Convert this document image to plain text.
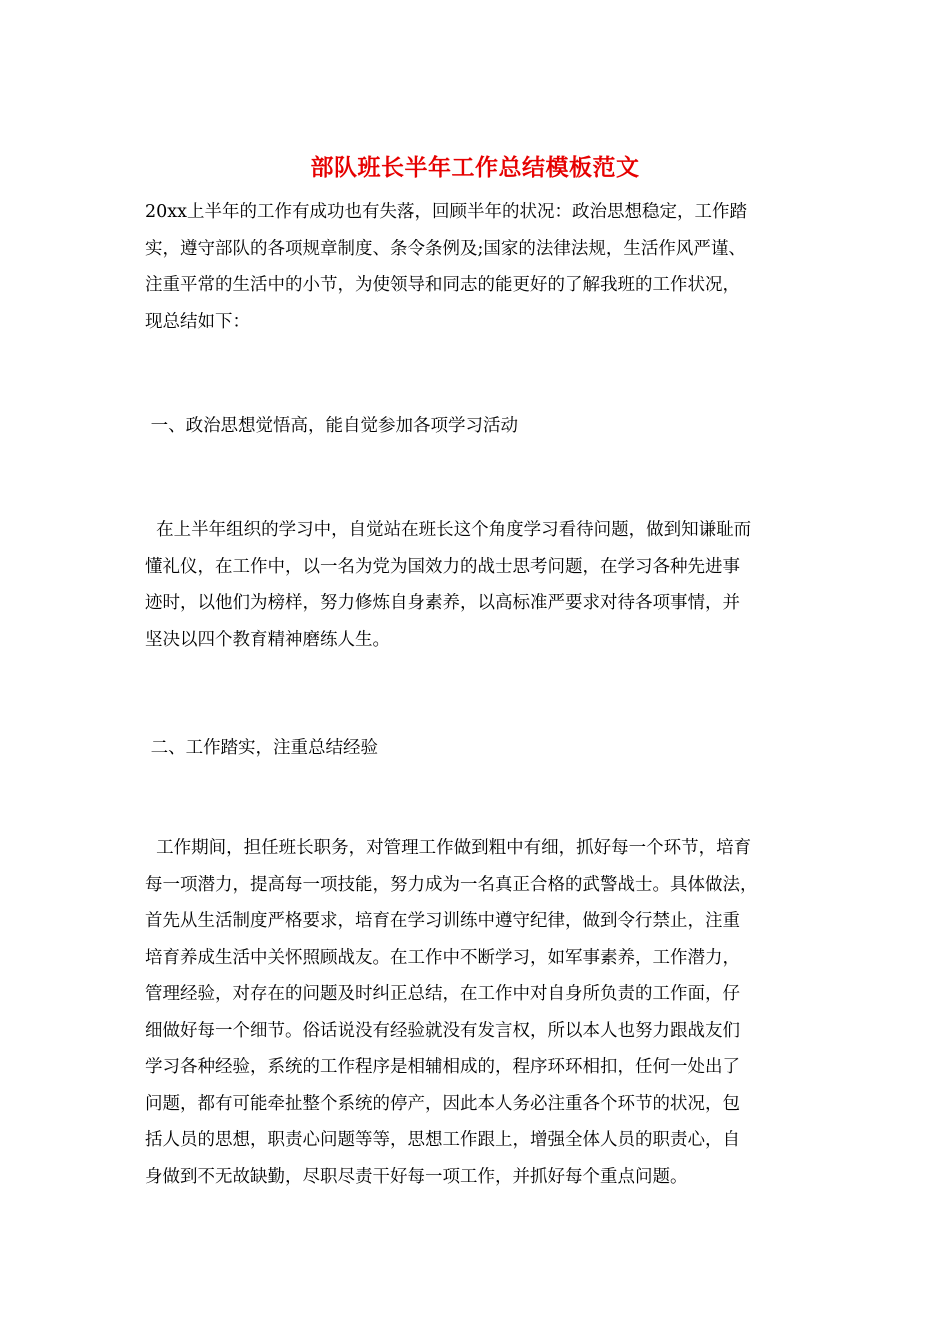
部队班长半年工作总结模板范文
20xx上半年的工作有成功也有失落，回顾半年的状况：政治思想稳定，工作踏
实，遵守部队的各项规章制度、条令条例及;国家的法律法规，生活作风严谨、
注重平常的生活中的小节，为使领导和同志的能更好的了解我班的工作状况，
现总结如下：
一、政治思想觉悟高，能自觉参加各项学习活动
在上半年组织的学习中，自觉站在班长这个角度学习看待问题，做到知谦耻而
懂礼仪，在工作中，以一名为党为国效力的战士思考问题，在学习各种先进事
迹时，以他们为榜样，努力修炼自身素养，以高标准严要求对待各项事情，并
坚决以四个教育精神磨练人生。
二、工作踏实，注重总结经验
工作期间，担任班长职务，对管理工作做到粗中有细，抓好每一个环节，培育
每一项潜力，提高每一项技能，努力成为一名真正合格的武警战士。具体做法，
首先从生活制度严格要求，培育在学习训练中遵守纪律，做到令行禁止，注重
培育养成生活中关怀照顾战友。在工作中不断学习，如军事素养，工作潜力，
管理经验，对存在的问题及时纠正总结，在工作中对自身所负责的工作面，仔
细做好每一个细节。俗话说没有经验就没有发言权，所以本人也努力跟战友们
学习各种经验，系统的工作程序是相辅相成的，程序环环相扣，任何一处出了
问题，都有可能牵扯整个系统的停产，因此本人务必注重各个环节的状况，包
括人员的思想，职责心问题等等，思想工作跟上，增强全体人员的职责心，自
身做到不无故缺勤，尽职尽责干好每一项工作，并抓好每个重点问题。
